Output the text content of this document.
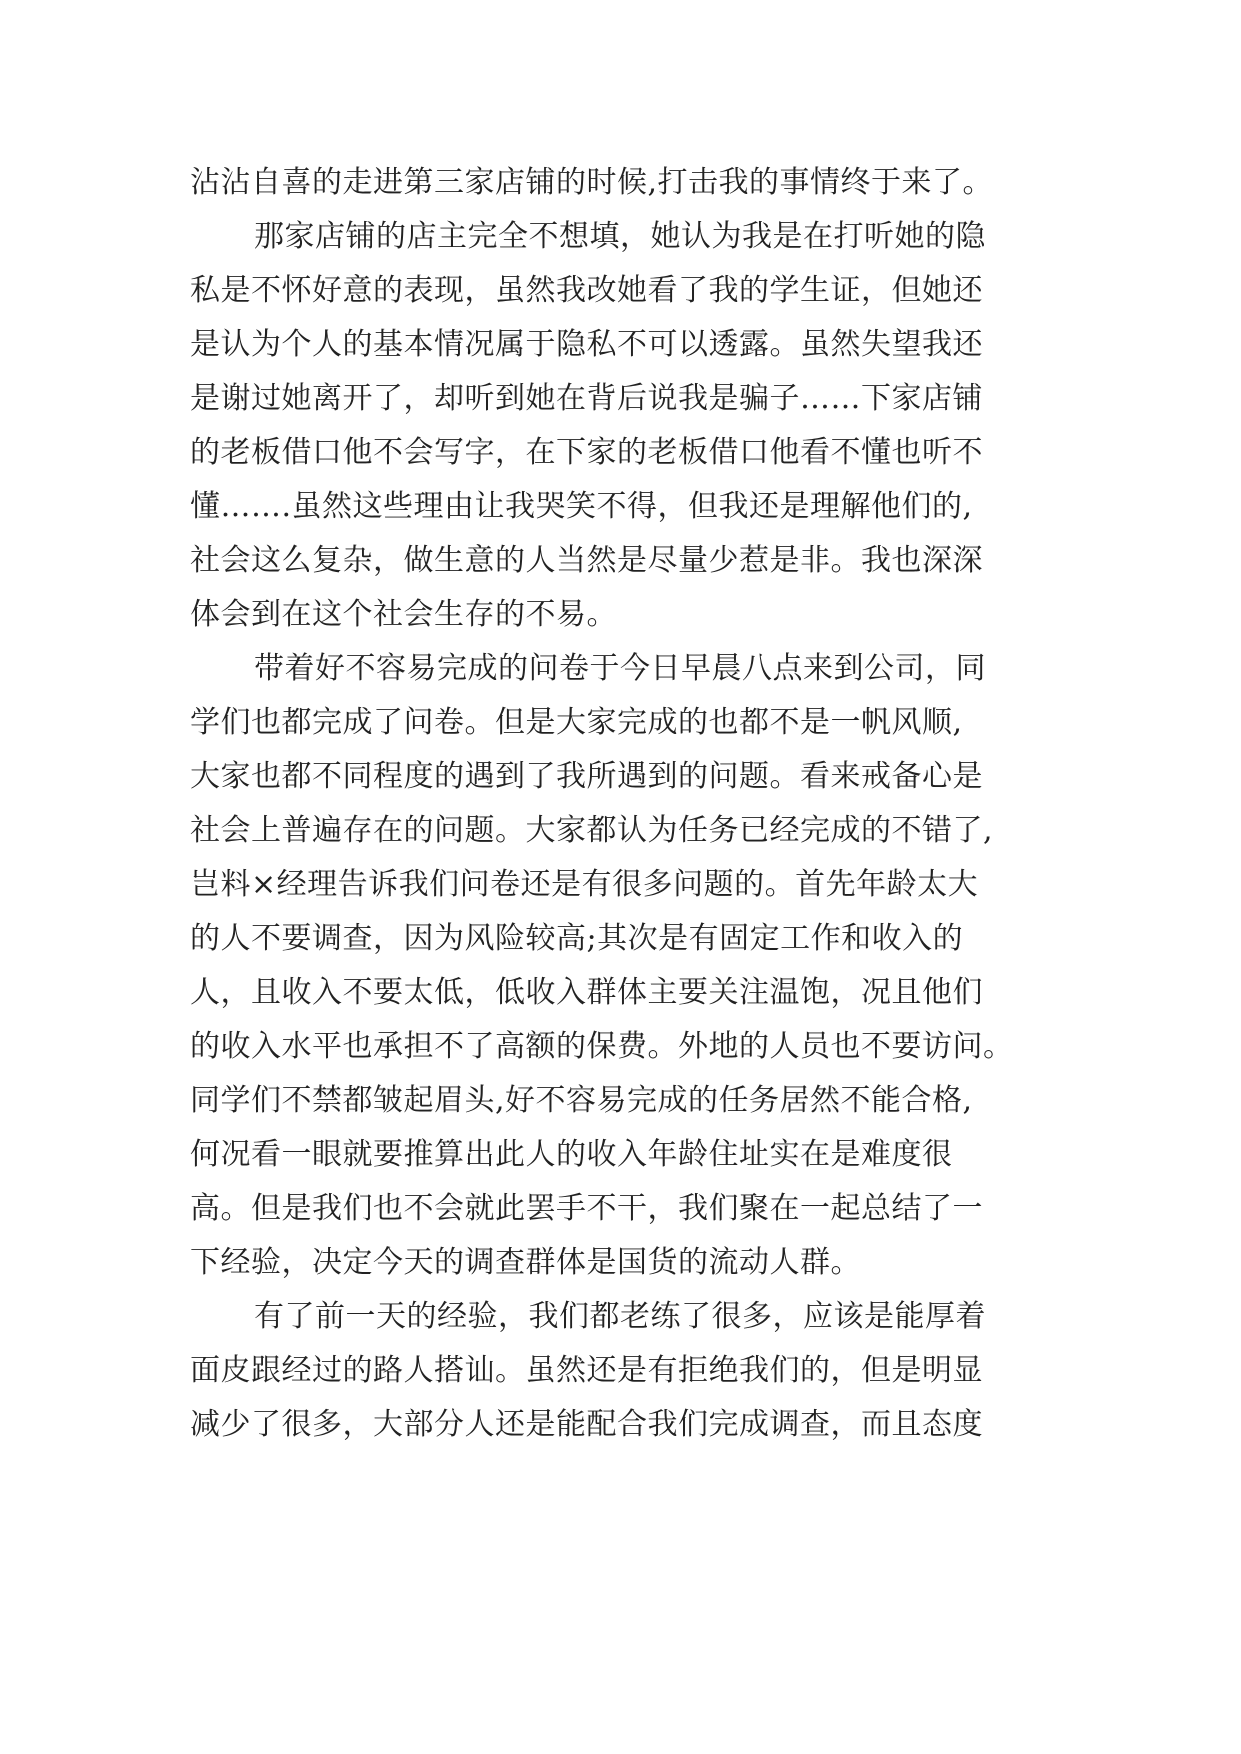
沾沾自喜的走进第三家店铺的时候,打击我的事情终于来了。
那家店铺的店主完全不想填，她认为我是在打听她的隐
私是不怀好意的表现，虽然我改她看了我的学生证，但她还
是认为个人的基本情况属于隐私不可以透露。虽然失望我还
是谢过她离开了，却听到她在背后说我是骗子……下家店铺
的老板借口他不会写字，在下家的老板借口他看不懂也听不
懂…….虽然这些理由让我哭笑不得，但我还是理解他们的,
社会这么复杂，做生意的人当然是尽量少惹是非。我也深深
体会到在这个社会生存的不易。
带着好不容易完成的问卷于今日早晨八点来到公司，同
学们也都完成了问卷。但是大家完成的也都不是一帆风顺,
大家也都不同程度的遇到了我所遇到的问题。看来戒备心是
社会上普遍存在的问题。大家都认为任务已经完成的不错了,
岂料×经理告诉我们问卷还是有很多问题的。首先年龄太大
的人不要调查，因为风险较高;其次是有固定工作和收入的
人，且收入不要太低，低收入群体主要关注温饱，况且他们
的收入水平也承担不了高额的保费。外地的人员也不要访问。
同学们不禁都皱起眉头,好不容易完成的任务居然不能合格,
何况看一眼就要推算出此人的收入年龄住址实在是难度很
高。但是我们也不会就此罢手不干，我们聚在一起总结了一
下经验，决定今天的调查群体是国货的流动人群。
有了前一天的经验，我们都老练了很多，应该是能厚着
面皮跟经过的路人搭讪。虽然还是有拒绝我们的，但是明显
减少了很多，大部分人还是能配合我们完成调查，而且态度
